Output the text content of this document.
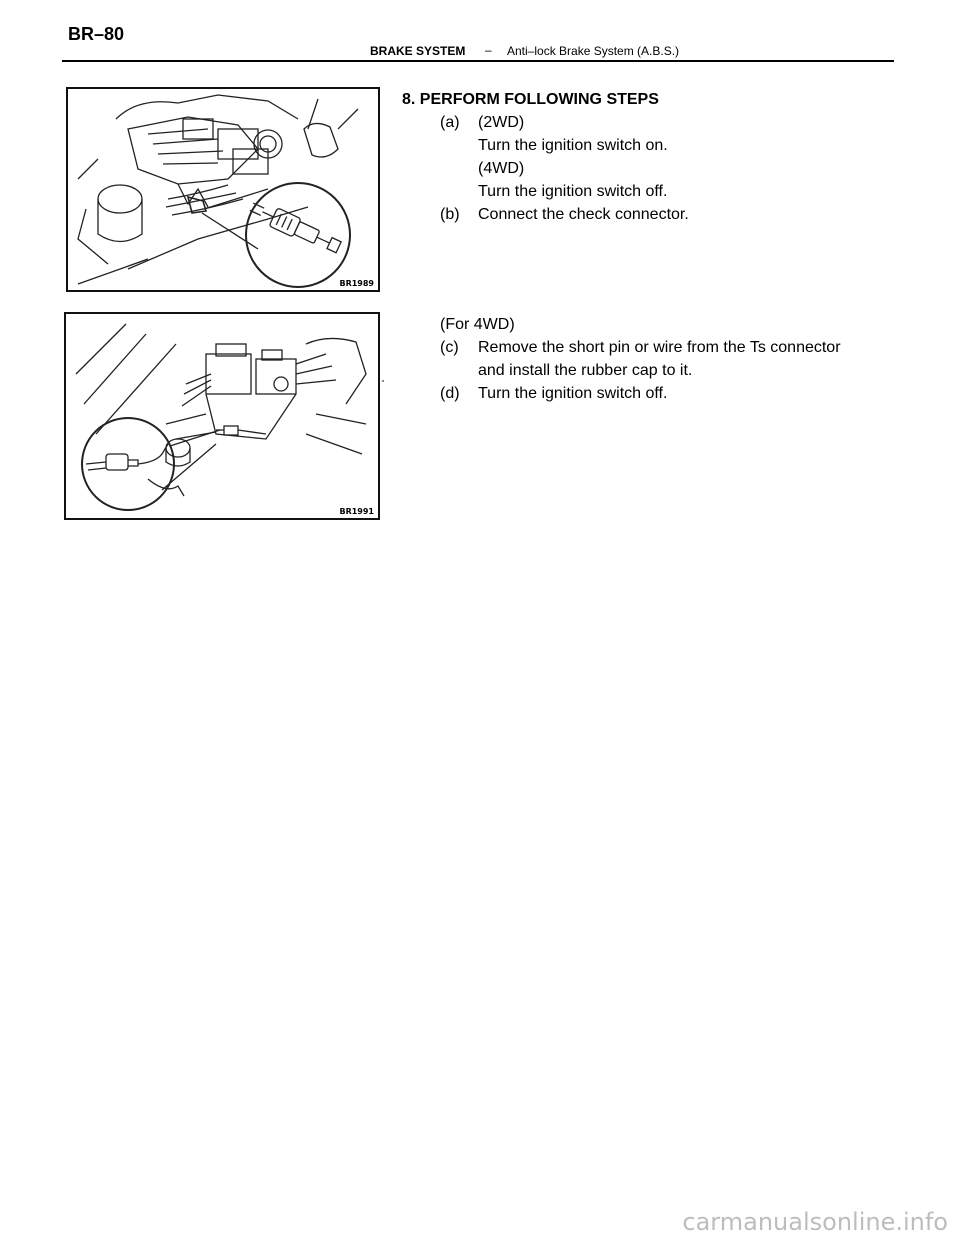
BR–80
BRAKE SYSTEM – Anti–lock Brake System (A.B.S.)
BR1989
BR1991
8. PERFORM FOLLOWING STEPS
(a) (2WD)
Turn the ignition switch on.
(4WD)
Turn the ignition switch off.
(b) Connect the check connector.
(For 4WD)
(c) Remove the short pin or wire from the Ts connector
and install the rubber cap to it.
(d) Turn the ignition switch off.
carmanualsonline.info
